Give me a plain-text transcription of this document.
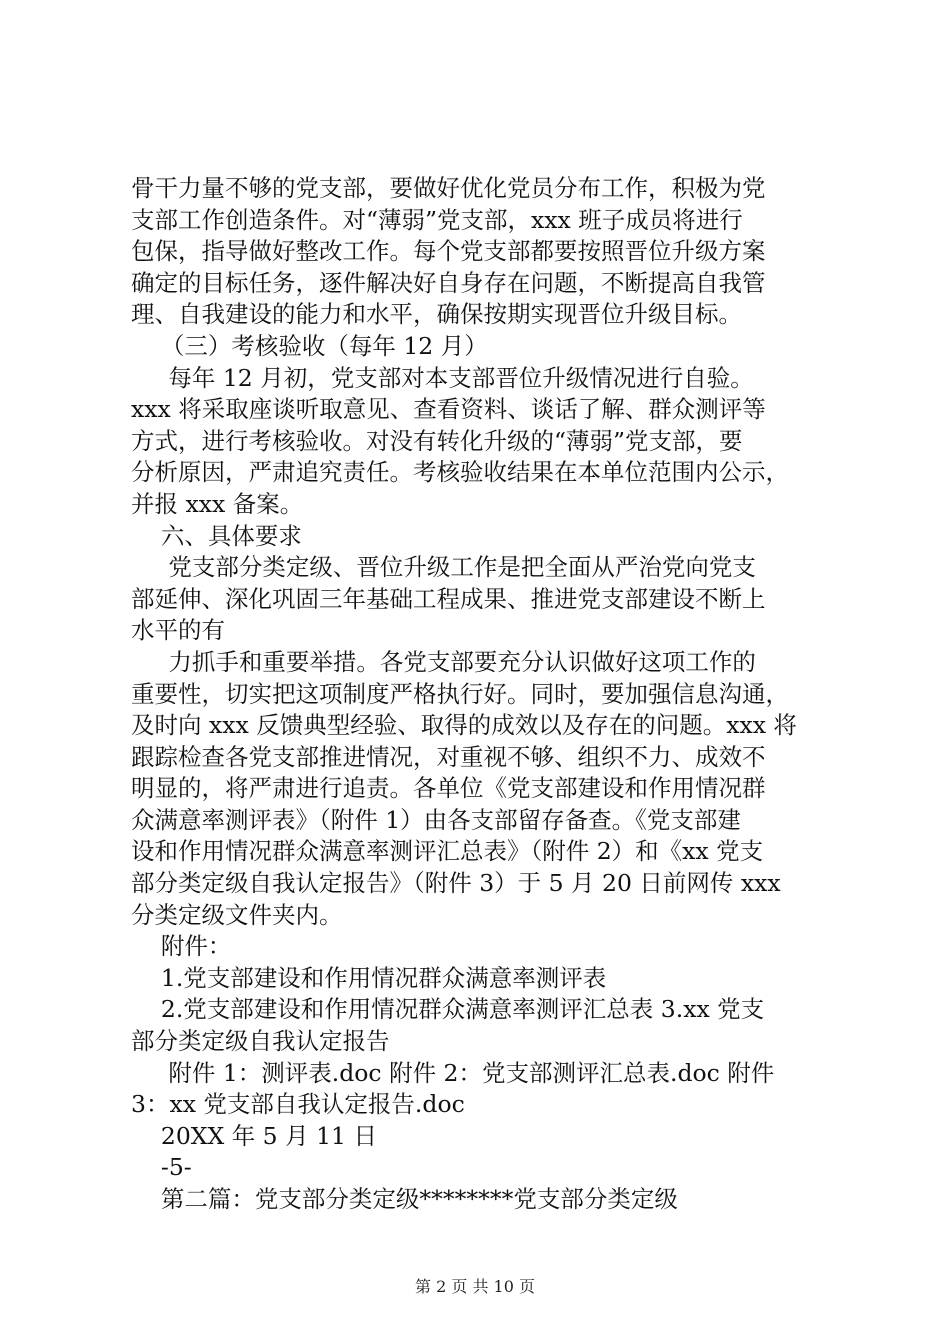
骨干力量不够的党支部，要做好优化党员分布工作，积极为党
支部工作创造条件。对“薄弱”党支部，xxx 班子成员将进行
包保，指导做好整改工作。每个党支部都要按照晋位升级方案
确定的目标任务，逐件解决好自身存在问题，不断提高自我管
理、自我建设的能力和水平，确保按期实现晋位升级目标。
（三）考核验收（每年 12 月）
每年 12 月初，党支部对本支部晋位升级情况进行自验。
xxx 将采取座谈听取意见、查看资料、谈话了解、群众测评等
方式，进行考核验收。对没有转化升级的“薄弱”党支部，要
分析原因，严肃追究责任。考核验收结果在本单位范围内公示，
并报 xxx 备案。
六、具体要求
党支部分类定级、晋位升级工作是把全面从严治党向党支
部延伸、深化巩固三年基础工程成果、推进党支部建设不断上
水平的有
力抓手和重要举措。各党支部要充分认识做好这项工作的
重要性，切实把这项制度严格执行好。同时，要加强信息沟通，
及时向 xxx 反馈典型经验、取得的成效以及存在的问题。xxx 将
跟踪检查各党支部推进情况，对重视不够、组织不力、成效不
明显的，将严肃进行追责。各单位《党支部建设和作用情况群
众满意率测评表》（附件 1）由各支部留存备查。《党支部建
设和作用情况群众满意率测评汇总表》（附件 2）和《xx 党支
部分类定级自我认定报告》（附件 3）于 5 月 20 日前网传 xxx
分类定级文件夹内。
附件：
1.党支部建设和作用情况群众满意率测评表
2.党支部建设和作用情况群众满意率测评汇总表 3.xx 党支
部分类定级自我认定报告
附件 1：测评表.doc 附件 2：党支部测评汇总表.doc 附件
3：xx 党支部自我认定报告.doc
20XX 年 5 月 11 日
-5-
第二篇：党支部分类定级********党支部分类定级
第 2 页 共 10 页
